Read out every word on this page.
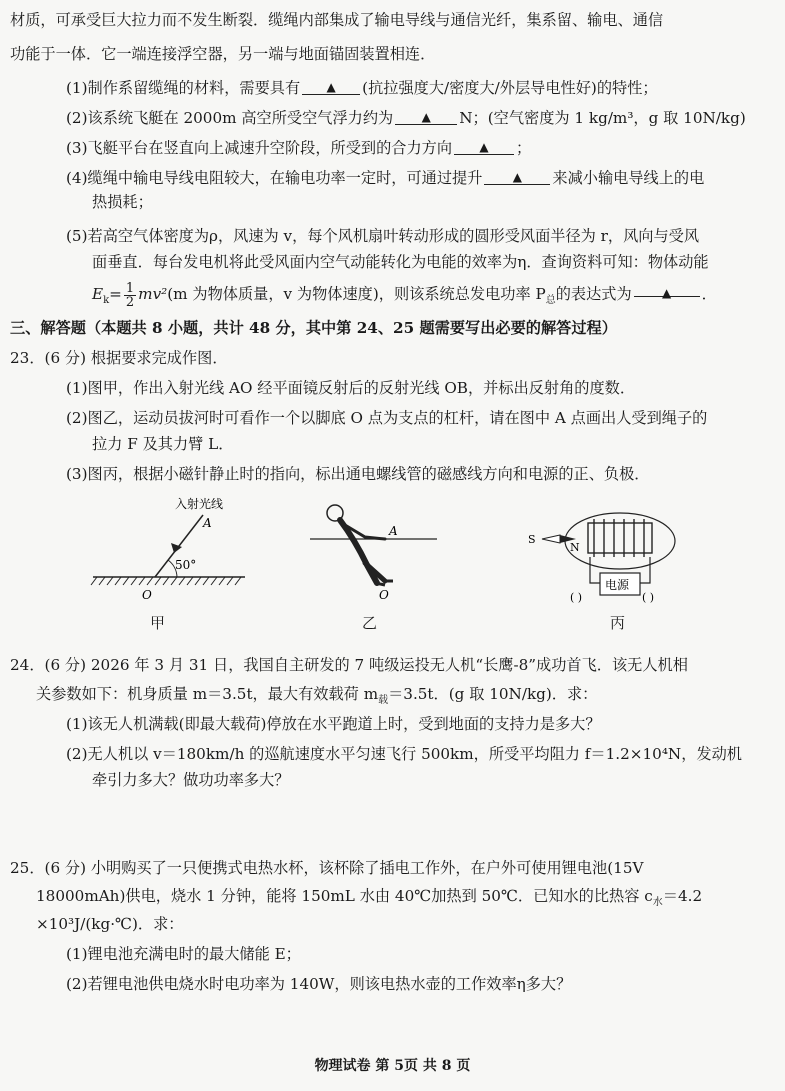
材质，可承受巨大拉力而不发生断裂．缆绳内部集成了输电导线与通信光纤，集系留、输电、通信
功能于一体．它一端连接浮空器，另一端与地面锚固装置相连．
(1)制作系留缆绳的材料，需要具有 ▲ (抗拉强度大/密度大/外层导电性好)的特性；
(2)该系统飞艇在 2000m 高空所受空气浮力约为 ▲ N；(空气密度为 1 kg/m³，g 取 10N/kg)
(3)飞艇平台在竖直向上减速升空阶段，所受到的合力方向 ▲ ；
(4)缆绳中输电导线电阻较大，在输电功率一定时，可通过提升	▲ 来减小输电导线上的电
热损耗；
(5)若高空气体密度为ρ，风速为 v，每个风机扇叶转动形成的圆形受风面半径为 r，风向与受风
面垂直．每台发电机将此受风面内空气动能转化为电能的效率为η．查询资料可知：物体动能
$E_k= \frac{1}{2} mv^2(m$ 为物体质量，v 为物体速度)，则该系统总发电功率 $P_总$的表达式为	▲ ．
三、解答题（本题共 8 小题，共计 48 分，其中第 24、25 题需要写出必要的解答过程）
23．(6 分) 根据要求完成作图．
(1)图甲，作出入射光线 AO 经平面镜反射后的反射光线 OB，并标出反射角的度数．
(2)图乙，运动员拔河时可看作一个以脚底 O 点为支点的杠杆，请在图中 A 点画出人受到绳子的
拉力 F 及其力臂 L．
(3)图丙，根据小磁针静止时的指向，标出通电螺线管的磁感线方向和电源的正、负极．
入射光线
A
50°
O
甲
A
O
乙
S
N
电源
( )	( )
丙
24．(6 分) 2026 年 3 月 31 日，我国自主研发的 7 吨级运投无人机“长鹰-8”成功首飞．该无人机相
关参数如下：机身质量 m＝3.5t，最大有效载荷 $m_载=3.5t$．(g 取 10N/kg)．求：
(1)该无人机满载(即最大载荷)停放在水平跑道上时，受到地面的支持力是多大？
(2)无人机以 v＝180km/h 的巡航速度水平匀速飞行 500km，所受平均阻力 f＝1.2×10⁴N，发动机
牵引力多大？做功功率多大？
25．(6 分) 小明购买了一只便携式电热水杯，该杯除了插电工作外，在户外可使用锂电池(15V
18000mAh)供电，烧水 1 分钟，能将 150mL 水由 40℃加热到 50℃．已知水的比热容 $c_水=4.2$
×10³J/(kg·℃)．求：
(1)锂电池充满电时的最大储能 E；
(2)若锂电池供电烧水时电功率为 140W，则该电热水壶的工作效率η多大？
物理试卷 第 5页 共 8 页
